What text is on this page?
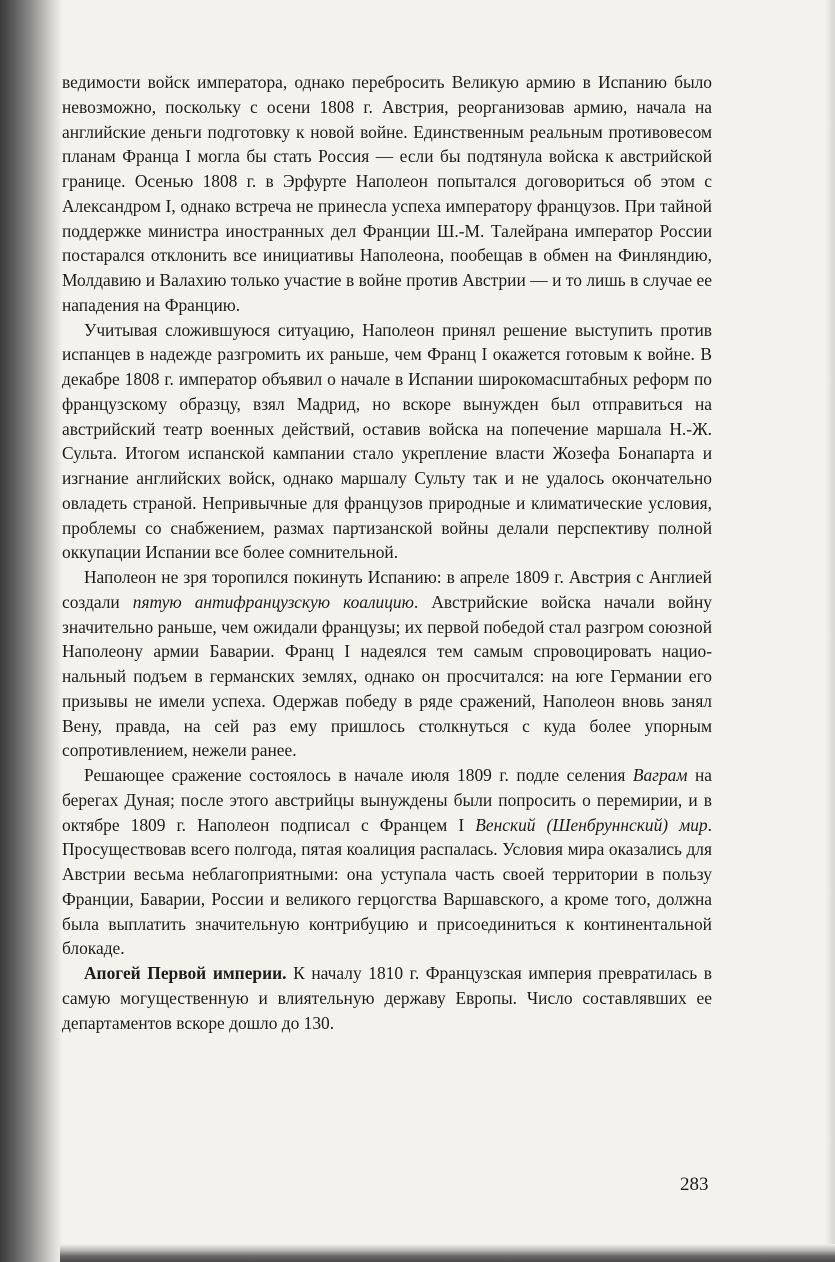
ведимости войск императора, однако перебросить Великую армию в Испанию было невозможно, поскольку с осени 1808 г. Австрия, реорганизовав армию, начала на английские деньги подготовку к новой войне. Единственным реальным противовесом планам Франца I могла бы стать Россия — если бы подтянула войска к австрийской границе. Осенью 1808 г. в Эрфурте Наполеон попытался договориться об этом с Александром I, однако встреча не принесла успеха императору французов. При тайной поддержке министра иностранных дел Франции Ш.-М. Талейрана император России постарался отклонить все инициативы Наполеона, пообещав в обмен на Финляндию, Молдавию и Валахию только участие в войне против Австрии — и то лишь в случае ее нападения на Францию.

Учитывая сложившуюся ситуацию, Наполеон принял решение выступить против испанцев в надежде разгромить их раньше, чем Франц I окажется готовым к войне. В декабре 1808 г. император объявил о начале в Испании широкомасштабных реформ по французскому образцу, взял Мадрид, но вскоре вынужден был отправиться на австрийский театр военных действий, оставив войска на попечение маршала Н.-Ж. Сульта. Итогом испанской кампании стало укрепление власти Жозефа Бонапарта и изгнание английских войск, однако маршалу Сульту так и не удалось окончательно овладеть страной. Непривычные для французов природные и климатические условия, проблемы со снабжением, размах партизанской войны делали перспективу полной оккупации Испании все более сомнительной.

Наполеон не зря торопился покинуть Испанию: в апреле 1809 г. Австрия с Англией создали пятую антифранцузскую коалицию. Австрийские войска начали войну значительно раньше, чем ожидали французы; их первой победой стал разгром союзной Наполеону армии Баварии. Франц I надеялся тем самым спровоцировать национальный подъем в германских землях, однако он просчитался: на юге Германии его призывы не имели успеха. Одержав победу в ряде сражений, Наполеон вновь занял Вену, правда, на сей раз ему пришлось столкнуться с куда более упорным сопротивлением, нежели ранее.

Решающее сражение состоялось в начале июля 1809 г. подле селения Ваграм на берегах Дуная; после этого австрийцы вынуждены были попросить о перемирии, и в октябре 1809 г. Наполеон подписал с Францем I Венский (Шенбруннский) мир. Просуществовав всего полгода, пятая коалиция распалась. Условия мира оказались для Австрии весьма неблагоприятными: она уступала часть своей территории в пользу Франции, Баварии, России и великого герцогства Варшавского, а кроме того, должна была выплатить значительную контрибуцию и присоединиться к континентальной блокаде.

Апогей Первой империи. К началу 1810 г. Французская империя превратилась в самую могущественную и влиятельную державу Европы. Число составлявших ее департаментов вскоре дошло до 130.

283
